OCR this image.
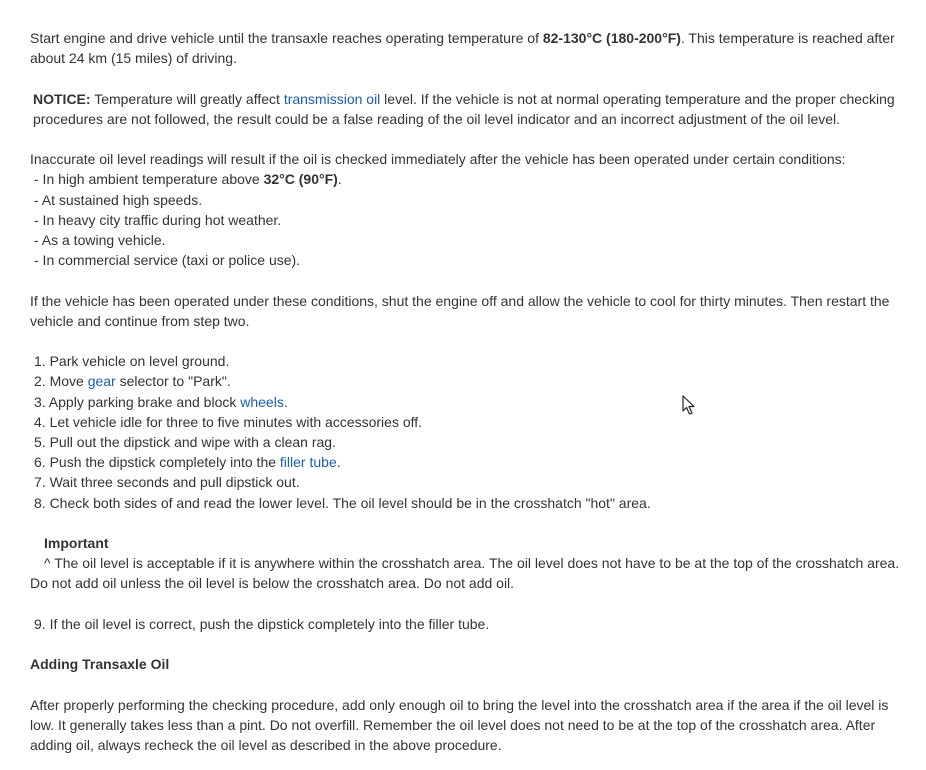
Start engine and drive vehicle until the transaxle reaches operating temperature of 82-130°C (180-200°F). This temperature is reached after about 24 km (15 miles) of driving.

NOTICE: Temperature will greatly affect transmission oil level. If the vehicle is not at normal operating temperature and the proper checking procedures are not followed, the result could be a false reading of the oil level indicator and an incorrect adjustment of the oil level.

Inaccurate oil level readings will result if the oil is checked immediately after the vehicle has been operated under certain conditions:

- In high ambient temperature above 32°C (90°F).

- At sustained high speeds.

- In heavy city traffic during hot weather.

- As a towing vehicle.

- In commercial service (taxi or police use).

If the vehicle has been operated under these conditions, shut the engine off and allow the vehicle to cool for thirty minutes. Then restart the vehicle and continue from step two.

1. Park vehicle on level ground.

2. Move gear selector to "Park".

3. Apply parking brake and block wheels.

4. Let vehicle idle for three to five minutes with accessories off.

5. Pull out the dipstick and wipe with a clean rag.

6. Push the dipstick completely into the filler tube.

7. Wait three seconds and pull dipstick out.

8. Check both sides of and read the lower level. The oil level should be in the crosshatch "hot" area.

Important

^ The oil level is acceptable if it is anywhere within the crosshatch area. The oil level does not have to be at the top of the crosshatch area. Do not add oil unless the oil level is below the crosshatch area. Do not add oil.

9. If the oil level is correct, push the dipstick completely into the filler tube.

Adding Transaxle Oil

After properly performing the checking procedure, add only enough oil to bring the level into the crosshatch area if the area if the oil level is low. It generally takes less than a pint. Do not overfill. Remember the oil level does not need to be at the top of the crosshatch area. After adding oil, always recheck the oil level as described in the above procedure.
